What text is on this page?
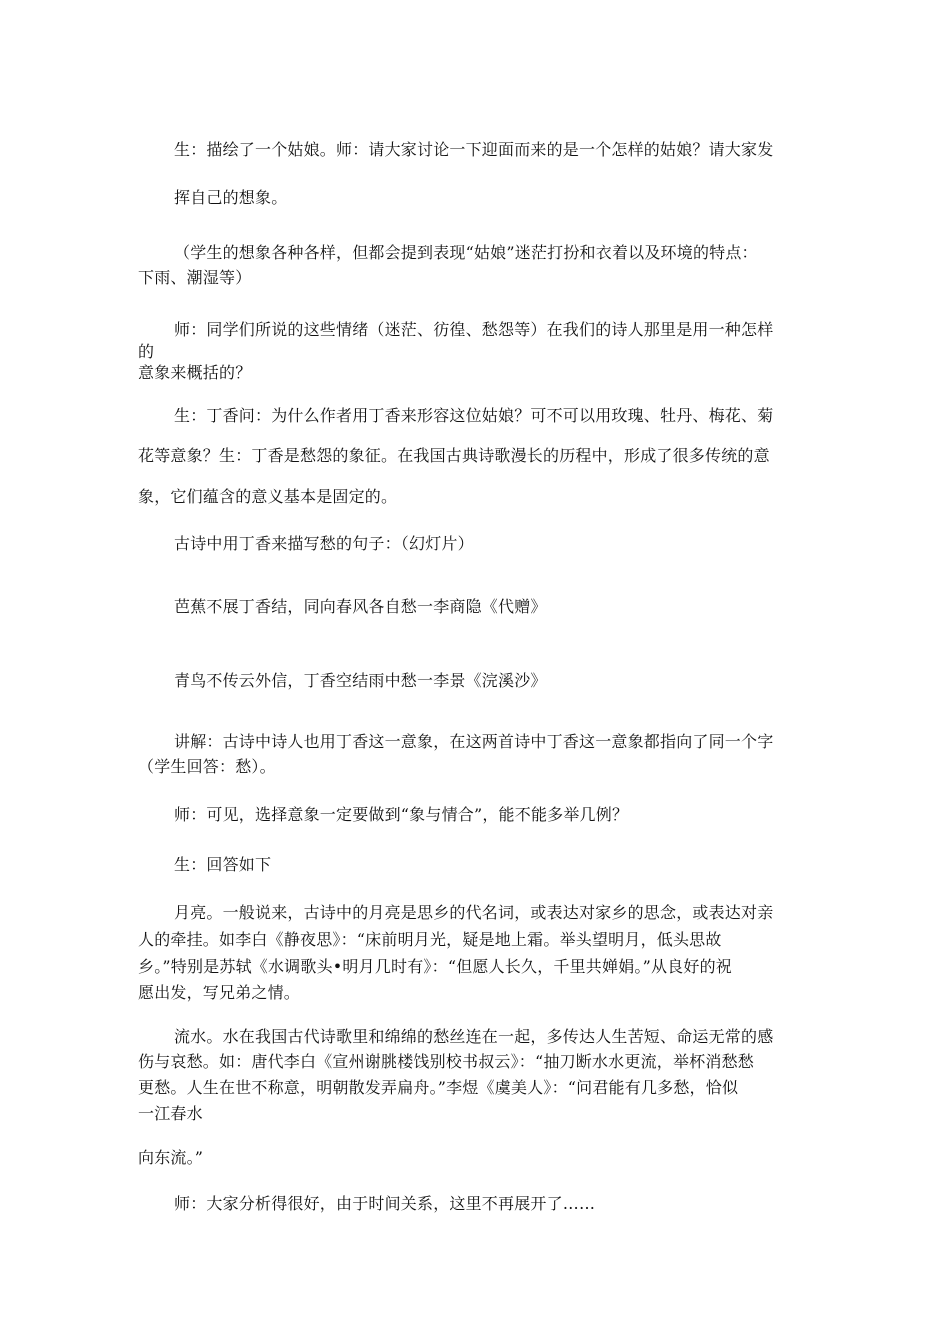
生：描绘了一个姑娘。师：请大家讨论一下迎面而来的是一个怎样的姑娘？请大家发
挥自己的想象。
（学生的想象各种各样，但都会提到表现“姑娘”迷茫打扮和衣着以及环境的特点：
下雨、潮湿等）
师：同学们所说的这些情绪（迷茫、彷徨、愁怨等）在我们的诗人那里是用一种怎样
的
意象来概括的？
生：丁香问：为什么作者用丁香来形容这位姑娘？可不可以用玫瑰、牡丹、梅花、菊
花等意象？生：丁香是愁怨的象征。在我国古典诗歌漫长的历程中，形成了很多传统的意
象，它们蕴含的意义基本是固定的。
古诗中用丁香来描写愁的句子：（幻灯片）
芭蕉不展丁香结，同向春风各自愁一李商隐《代赠》
青鸟不传云外信，丁香空结雨中愁一李景《浣溪沙》
讲解：古诗中诗人也用丁香这一意象，在这两首诗中丁香这一意象都指向了同一个字
（学生回答：愁）。
师：可见，选择意象一定要做到“象与情合”，能不能多举几例？
生：回答如下
月亮。一般说来，古诗中的月亮是思乡的代名词，或表达对家乡的思念，或表达对亲
人的牵挂。如李白《静夜思》：“床前明月光，疑是地上霜。举头望明月，低头思故
乡。”特别是苏轼《水调歌头•明月几时有》：“但愿人长久，千里共婵娟。”从良好的祝
愿出发，写兄弟之情。
流水。水在我国古代诗歌里和绵绵的愁丝连在一起，多传达人生苦短、命运无常的感
伤与哀愁。如：唐代李白《宣州谢朓楼饯别校书叔云》：“抽刀断水水更流，举杯消愁愁
更愁。人生在世不称意，明朝散发弄扁舟。”李煜《虞美人》：“问君能有几多愁，恰似
一江春水
向东流。”
师：大家分析得很好，由于时间关系，这里不再展开了……
